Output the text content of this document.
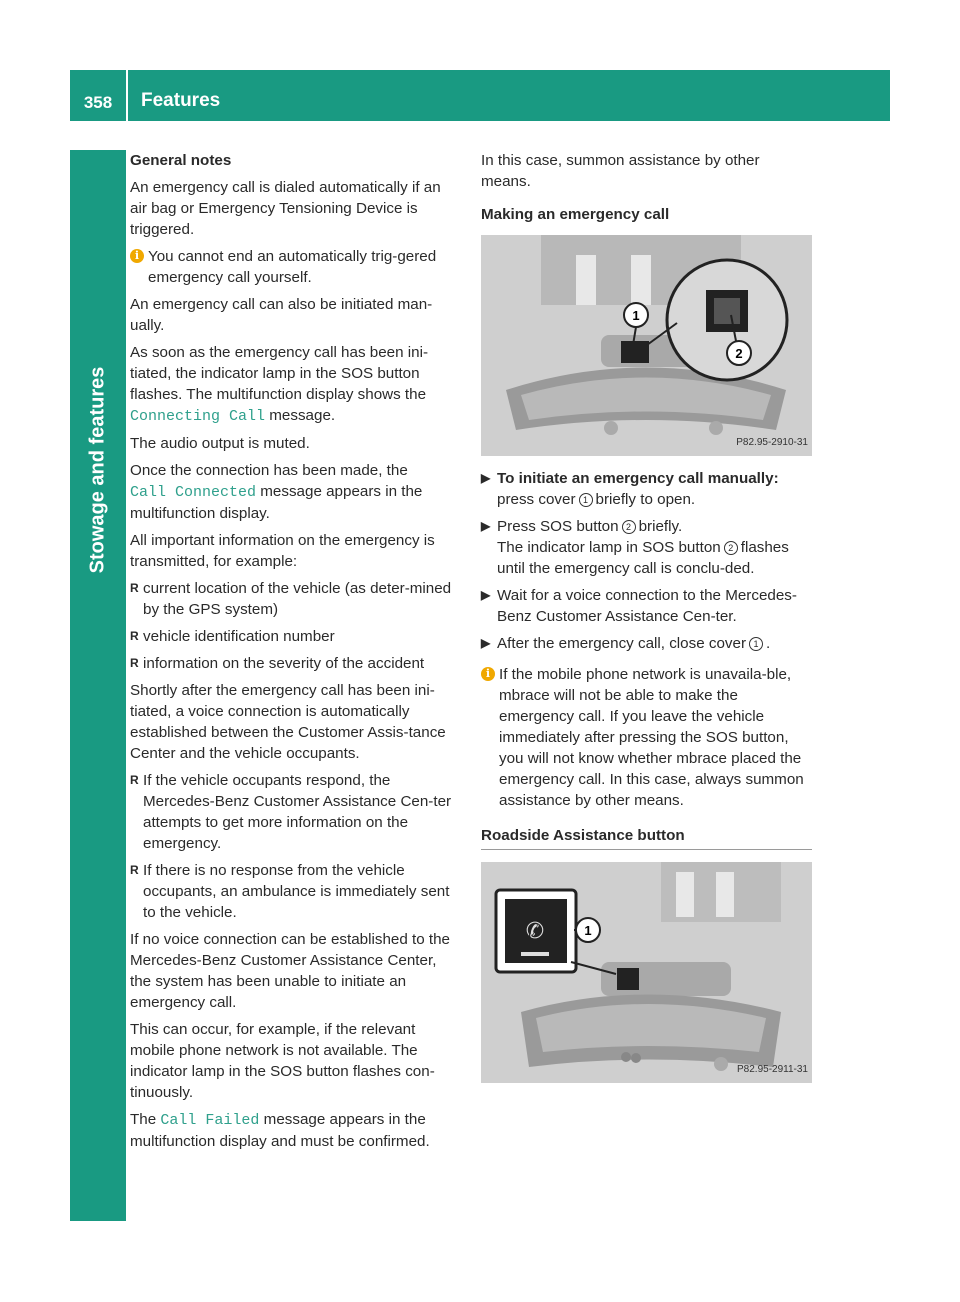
358	Features
Stowage and features
General notes

An emergency call is dialed automatically if an air bag or Emergency Tensioning Device is triggered.

i You cannot end an automatically trig-gered emergency call yourself.

An emergency call can also be initiated man-ually.

As soon as the emergency call has been ini-tiated, the indicator lamp in the SOS button flashes. The multifunction display shows the
Connecting Call message.

The audio output is muted.

Once the connection has been made, the
Call Connected message appears in the multifunction display.

All important information on the emergency is transmitted, for example:

R current location of the vehicle (as deter-mined by the GPS system)
R vehicle identification number
R information on the severity of the accident

Shortly after the emergency call has been ini-tiated, a voice connection is automatically established between the Customer Assis-tance Center and the vehicle occupants.

R If the vehicle occupants respond, the Mercedes-Benz Customer Assistance Cen-ter attempts to get more information on the emergency.
R If there is no response from the vehicle occupants, an ambulance is immediately sent to the vehicle.

If no voice connection can be established to the Mercedes-Benz Customer Assistance Center, the system has been unable to initiate an emergency call.

This can occur, for example, if the relevant mobile phone network is not available. The indicator lamp in the SOS button flashes con-tinuously.

The Call Failed message appears in the multifunction display and must be confirmed.

In this case, summon assistance by other means.

Making an emergency call
1
2
P82.95-2910-31
▶ To initiate an emergency call manually:
press cover 1 briefly to open.
▶ Press SOS button 2 briefly.
The indicator lamp in SOS button 2 flashes until the emergency call is conclu-ded.
▶ Wait for a voice connection to the Mercedes-Benz Customer Assistance Cen-ter.
▶ After the emergency call, close cover 1 .
i If the mobile phone network is unavaila-ble, mbrace will not be able to make the emergency call. If you leave the vehicle immediately after pressing the SOS button, you will not know whether mbrace placed the emergency call. In this case, always summon assistance by other means.
Roadside Assistance button
✆	1
P82.95-2911-31
